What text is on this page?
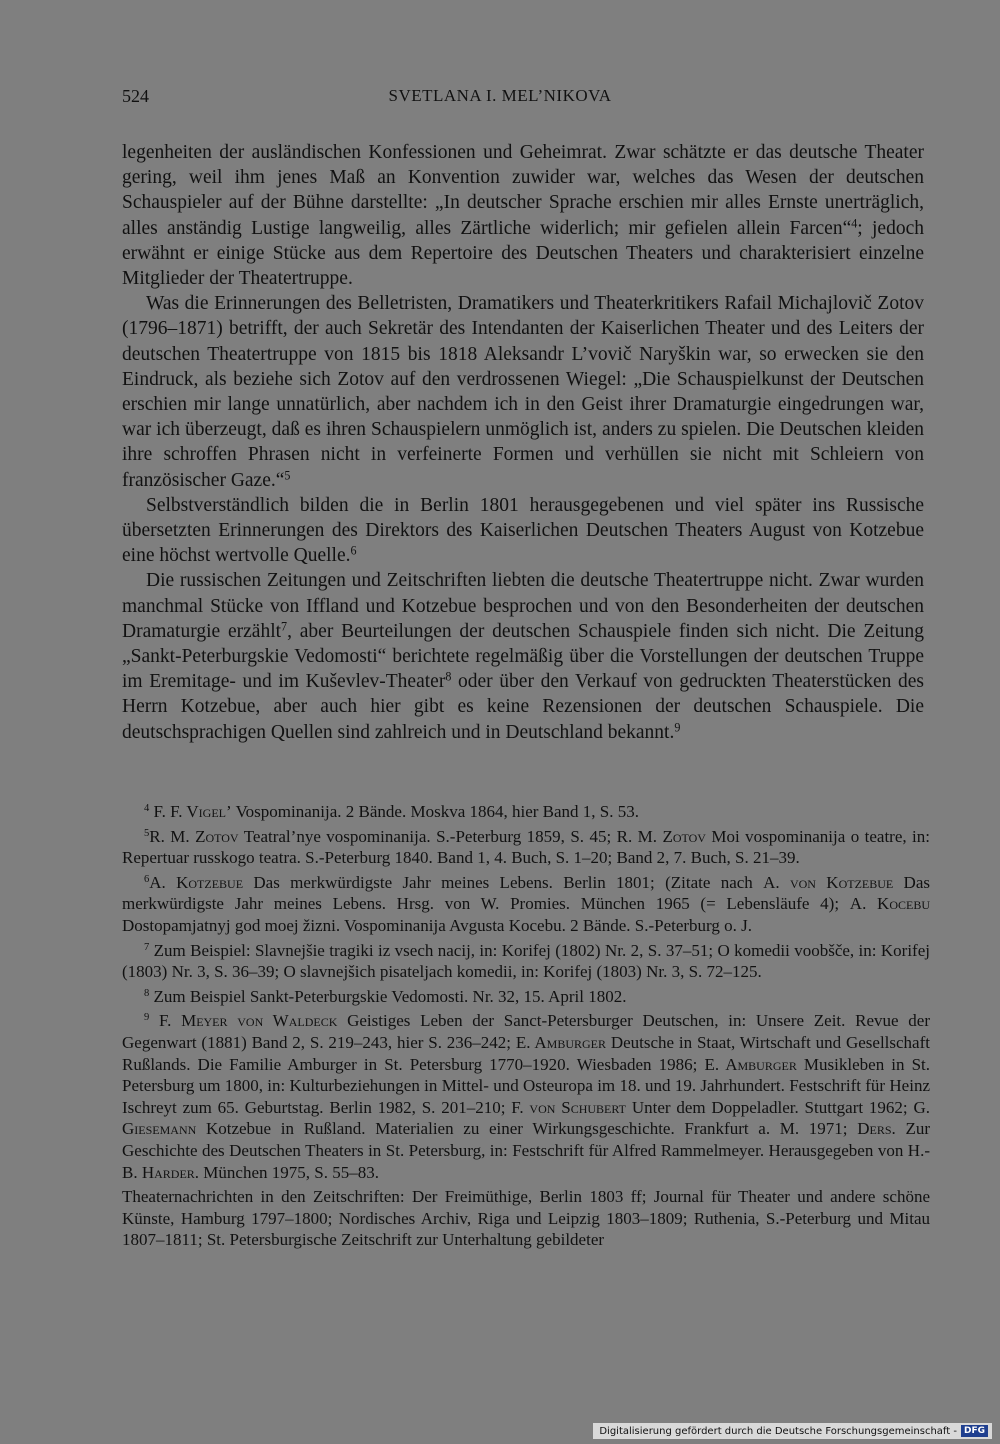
524	SVETLANA I. MEL’NIKOVA

legenheiten der ausländischen Konfessionen und Geheimrat. Zwar schätzte er das deutsche Theater gering, weil ihm jenes Maß an Konvention zuwider war, welches das Wesen der deutschen Schauspieler auf der Bühne darstellte: „In deutscher Sprache erschien mir alles Ernste unerträglich, alles anständig Lustige langweilig, alles Zärtliche widerlich; mir gefielen allein Farcen“$^4$; jedoch erwähnt er einige Stücke aus dem Repertoire des Deutschen Theaters und charakterisiert einzelne Mitglieder der Theatertruppe.

Was die Erinnerungen des Belletristen, Dramatikers und Theaterkritikers Rafail Michajlovič Zotov (1796–1871) betrifft, der auch Sekretär des Intendanten der Kaiserlichen Theater und des Leiters der deutschen Theatertruppe von 1815 bis 1818 Aleksandr L’vovič Naryškin war, so erwecken sie den Eindruck, als beziehe sich Zotov auf den verdrossenen Wiegel: „Die Schauspielkunst der Deutschen erschien mir lange unnatürlich, aber nachdem ich in den Geist ihrer Dramaturgie eingedrungen war, war ich überzeugt, daß es ihren Schauspielern unmöglich ist, anders zu spielen. Die Deutschen kleiden ihre schroffen Phrasen nicht in verfeinerte Formen und verhüllen sie nicht mit Schleiern von französischer Gaze.“$^5$

Selbstverständlich bilden die in Berlin 1801 herausgegebenen und viel später ins Russische übersetzten Erinnerungen des Direktors des Kaiserlichen Deutschen Theaters August von Kotzebue eine höchst wertvolle Quelle.$^6$

Die russischen Zeitungen und Zeitschriften liebten die deutsche Theatertruppe nicht. Zwar wurden manchmal Stücke von Iffland und Kotzebue besprochen und von den Besonderheiten der deutschen Dramaturgie erzählt$^7$, aber Beurteilungen der deutschen Schauspiele finden sich nicht. Die Zeitung „Sankt-Peterburgskie Vedomosti“ berichtete regelmäßig über die Vorstellungen der deutschen Truppe im Eremitage- und im Kuševlev-Theater$^8$ oder über den Verkauf von gedruckten Theaterstücken des Herrn Kotzebue, aber auch hier gibt es keine Rezensionen der deutschen Schauspiele. Die deutschsprachigen Quellen sind zahlreich und in Deutschland bekannt.$^9$

$^4$ F. F. Vigel’ Vospominanija. 2 Bände. Moskva 1864, hier Band 1, S. 53.

$^5$R. M. Zotov Teatral’nye vospominanija. S.-Peterburg 1859, S. 45; R. M. Zotov Moi vospominanija o teatre, in: Repertuar russkogo teatra. S.-Peterburg 1840. Band 1, 4. Buch, S. 1–20; Band 2, 7. Buch, S. 21–39.

$^6$A. Kotzebue Das merkwürdigste Jahr meines Lebens. Berlin 1801; (Zitate nach A. von Kotzebue Das merkwürdigste Jahr meines Lebens. Hrsg. von W. Promies. München 1965 (= Lebensläufe 4); A. Kocebu Dostopamjatnyj god moej žizni. Vospominanija Avgusta Kocebu. 2 Bände. S.-Peterburg o. J.

$^7$ Zum Beispiel: Slavnejšie tragiki iz vsech nacij, in: Korifej (1802) Nr. 2, S. 37–51; O komedii voobšče, in: Korifej (1803) Nr. 3, S. 36–39; O slavnejšich pisateljach komedii, in: Korifej (1803) Nr. 3, S. 72–125.

$^8$ Zum Beispiel Sankt-Peterburgskie Vedomosti. Nr. 32, 15. April 1802.

$^9$ F. Meyer von Waldeck Geistiges Leben der Sanct-Petersburger Deutschen, in: Unsere Zeit. Revue der Gegenwart (1881) Band 2, S. 219–243, hier S. 236–242; E. Amburger Deutsche in Staat, Wirtschaft und Gesellschaft Rußlands. Die Familie Amburger in St. Petersburg 1770–1920. Wiesbaden 1986; E. Amburger Musikleben in St. Petersburg um 1800, in: Kulturbeziehungen in Mittel- und Osteuropa im 18. und 19. Jahrhundert. Festschrift für Heinz Ischreyt zum 65. Geburtstag. Berlin 1982, S. 201–210; F. von Schubert Unter dem Doppeladler. Stuttgart 1962; G. Giesemann Kotzebue in Rußland. Materialien zu einer Wirkungsgeschichte. Frankfurt a. M. 1971; Ders. Zur Geschichte des Deutschen Theaters in St. Petersburg, in: Festschrift für Alfred Rammelmeyer. Herausgegeben von H.-B. Harder. München 1975, S. 55–83.

Theaternachrichten in den Zeitschriften: Der Freimüthige, Berlin 1803 ff; Journal für Theater und andere schöne Künste, Hamburg 1797–1800; Nordisches Archiv, Riga und Leipzig 1803–1809; Ruthenia, S.-Peterburg und Mitau 1807–1811; St. Petersburgische Zeitschrift zur Unterhaltung gebildeter

Digitalisierung gefördert durch die Deutsche Forschungsgemeinschaft - DFG
